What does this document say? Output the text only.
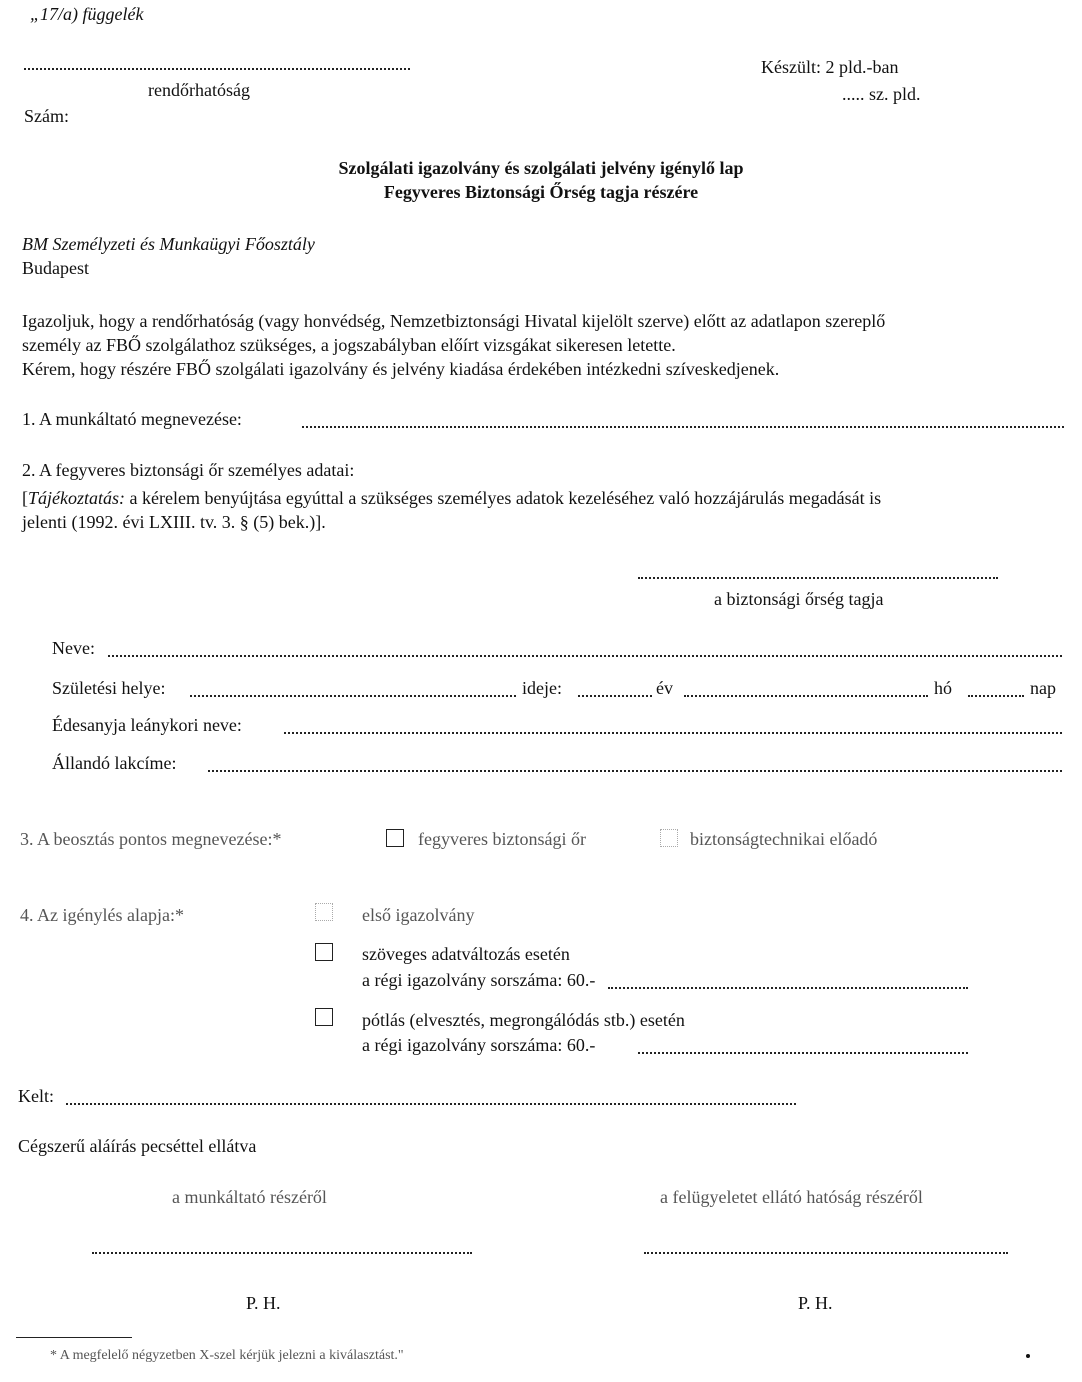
„17/a) függelék
rendőrhatóság
Szám:
Készült: 2 pld.-ban
..... sz. pld.
Szolgálati igazolvány és szolgálati jelvény igénylő lap
Fegyveres Biztonsági Őrség tagja részére
BM Személyzeti és Munkaügyi Főosztály
Budapest
Igazoljuk, hogy a rendőrhatóság (vagy honvédség, Nemzetbiztonsági Hivatal kijelölt szerve) előtt az adatlapon szereplő
személy az FBŐ szolgálathoz szükséges, a jogszabályban előírt vizsgákat sikeresen letette.
Kérem, hogy részére FBŐ szolgálati igazolvány és jelvény kiadása érdekében intézkedni szíveskedjenek.
1. A munkáltató megnevezése:
2. A fegyveres biztonsági őr személyes adatai:
[Tájékoztatás: a kérelem benyújtása egyúttal a szükséges személyes adatok kezeléséhez való hozzájárulás megadását is
jelenti (1992. évi LXIII. tv. 3. § (5) bek.)].
a biztonsági őrség tagja
Neve:
Születési helye:	ideje:	év	hó	nap
Édesanyja leánykori neve:
Állandó lakcíme:
3. A beosztás pontos megnevezése:*	fegyveres biztonsági őr	biztonságtechnikai előadó
4. Az igénylés alapja:*	első igazolvány
szöveges adatváltozás esetén
a régi igazolvány sorszáma: 60.-
pótlás (elvesztés, megrongálódás stb.) esetén
a régi igazolvány sorszáma: 60.-
Kelt:
Cégszerű aláírás pecséttel ellátva
a munkáltató részéről	a felügyeletet ellátó hatóság részéről
P. H.	P. H.
* A megfelelő négyzetben X-szel kérjük jelezni a kiválasztást."
